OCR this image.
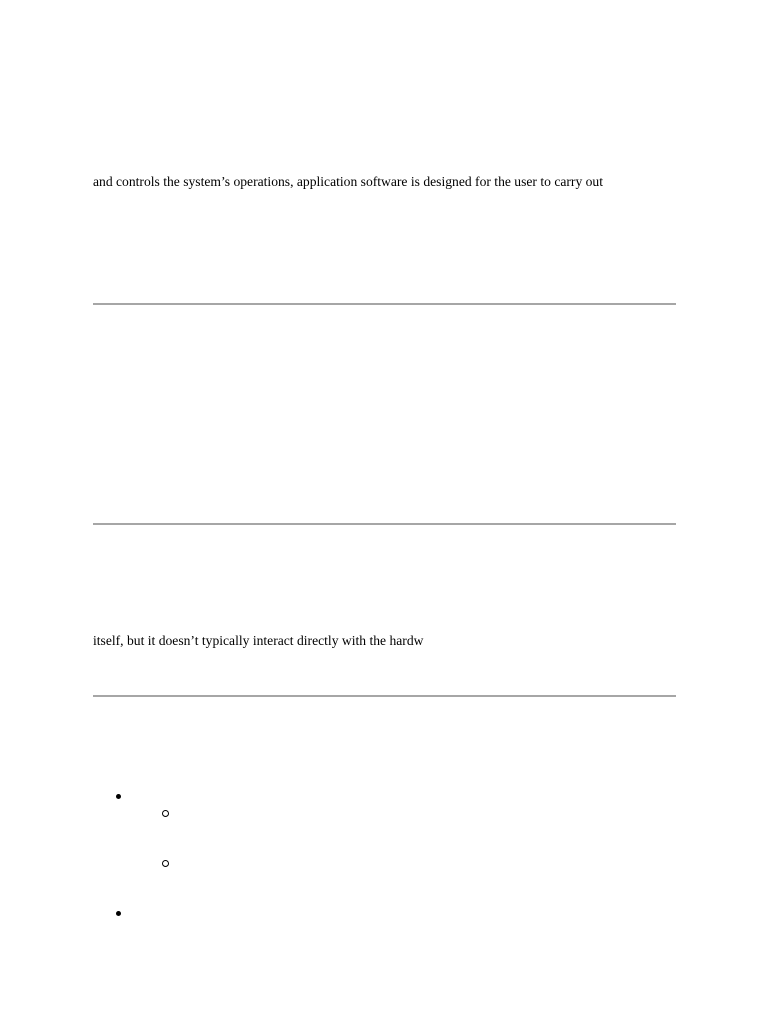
and controls the system’s operations, application software is designed for the user to carry out
itself, but it doesn’t typically interact directly with the hardw
